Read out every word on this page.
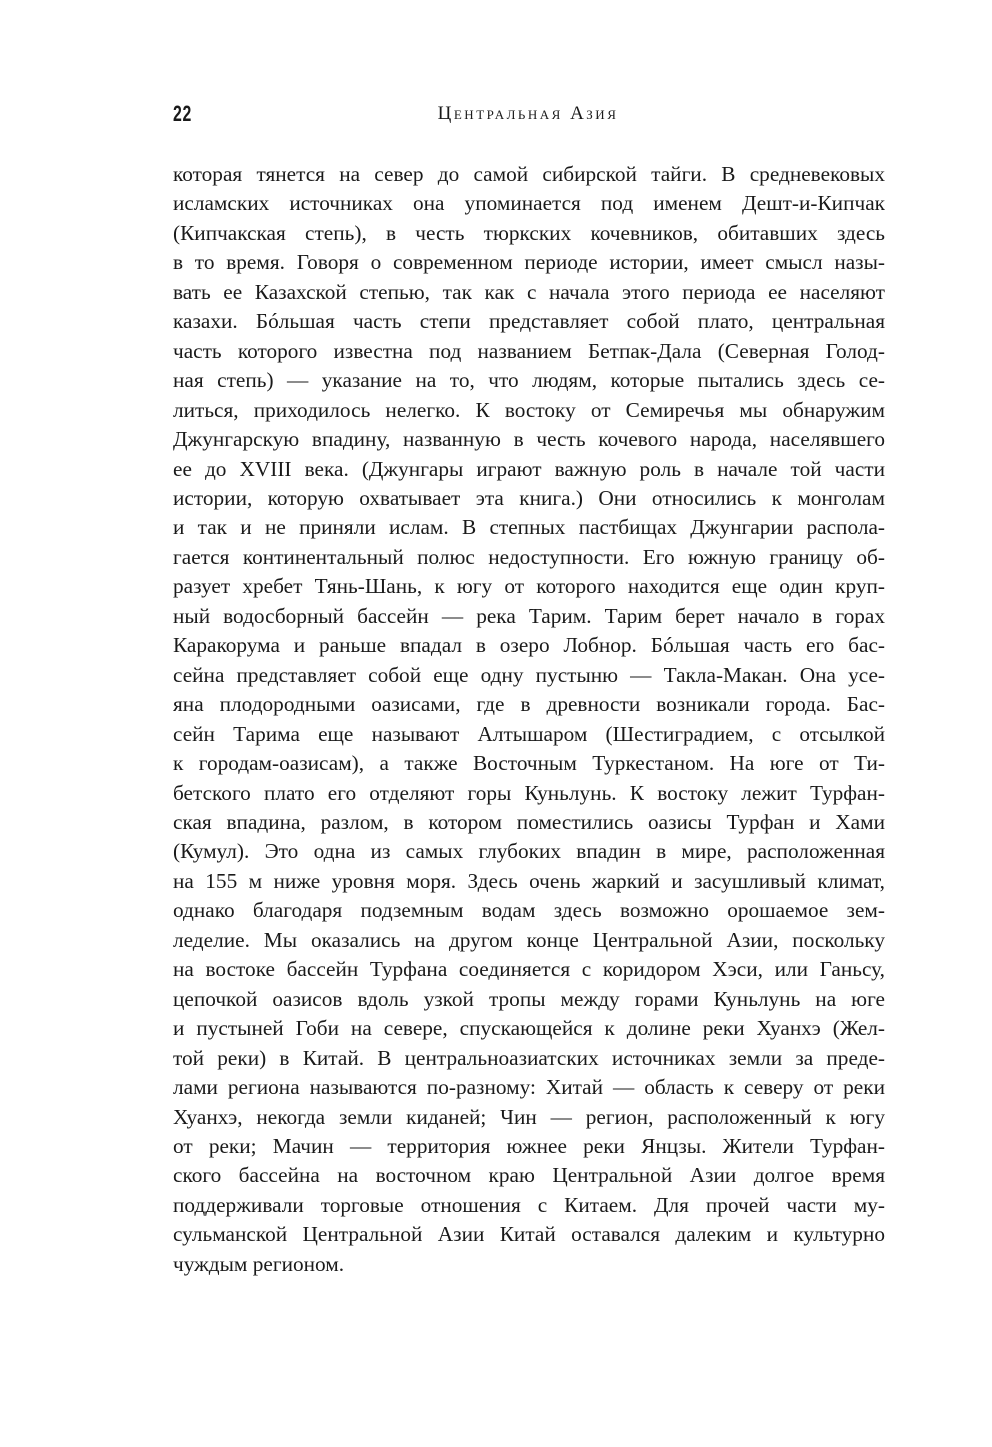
22	Центральная Азия
которая тянется на север до самой сибирской тайги. В средневековых
исламских источниках она упоминается под именем Дешт-и-Кипчак
(Кипчакская степь), в честь тюркских кочевников, обитавших здесь
в то время. Говоря о современном периоде истории, имеет смысл назы-
вать ее Казахской степью, так как с начала этого периода ее населяют
казахи. Бóльшая часть степи представляет собой плато, центральная
часть которого известна под названием Бетпак-Дала (Северная Голод-
ная степь) — указание на то, что людям, которые пытались здесь се-
литься, приходилось нелегко. К востоку от Семиречья мы обнаружим
Джунгарскую впадину, названную в честь кочевого народа, населявшего
ее до XVIII века. (Джунгары играют важную роль в начале той части
истории, которую охватывает эта книга.) Они относились к монголам
и так и не приняли ислам. В степных пастбищах Джунгарии распола-
гается континентальный полюс недоступности. Его южную границу об-
разует хребет Тянь-Шань, к югу от которого находится еще один круп-
ный водосборный бассейн — река Тарим. Тарим берет начало в горах
Каракорума и раньше впадал в озеро Лобнор. Бóльшая часть его бас-
сейна представляет собой еще одну пустыню — Такла-Макан. Она усе-
яна плодородными оазисами, где в древности возникали города. Бас-
сейн Тарима еще называют Алтышаром (Шестиградием, с отсылкой
к городам-оазисам), а также Восточным Туркестаном. На юге от Ти-
бетского плато его отделяют горы Куньлунь. К востоку лежит Турфан-
ская впадина, разлом, в котором поместились оазисы Турфан и Хами
(Кумул). Это одна из самых глубоких впадин в мире, расположенная
на 155 м ниже уровня моря. Здесь очень жаркий и засушливый климат,
однако благодаря подземным водам здесь возможно орошаемое зем-
леделие. Мы оказались на другом конце Центральной Азии, поскольку
на востоке бассейн Турфана соединяется с коридором Хэси, или Ганьсу,
цепочкой оазисов вдоль узкой тропы между горами Куньлунь на юге
и пустыней Гоби на севере, спускающейся к долине реки Хуанхэ (Жел-
той реки) в Китай. В центральноазиатских источниках земли за преде-
лами региона называются по-разному: Хитай — область к северу от реки
Хуанхэ, некогда земли киданей; Чин — регион, расположенный к югу
от реки; Мачин — территория южнее реки Янцзы. Жители Турфан-
ского бассейна на восточном краю Центральной Азии долгое время
поддерживали торговые отношения с Китаем. Для прочей части му-
сульманской Центральной Азии Китай оставался далеким и культурно
чуждым регионом.
